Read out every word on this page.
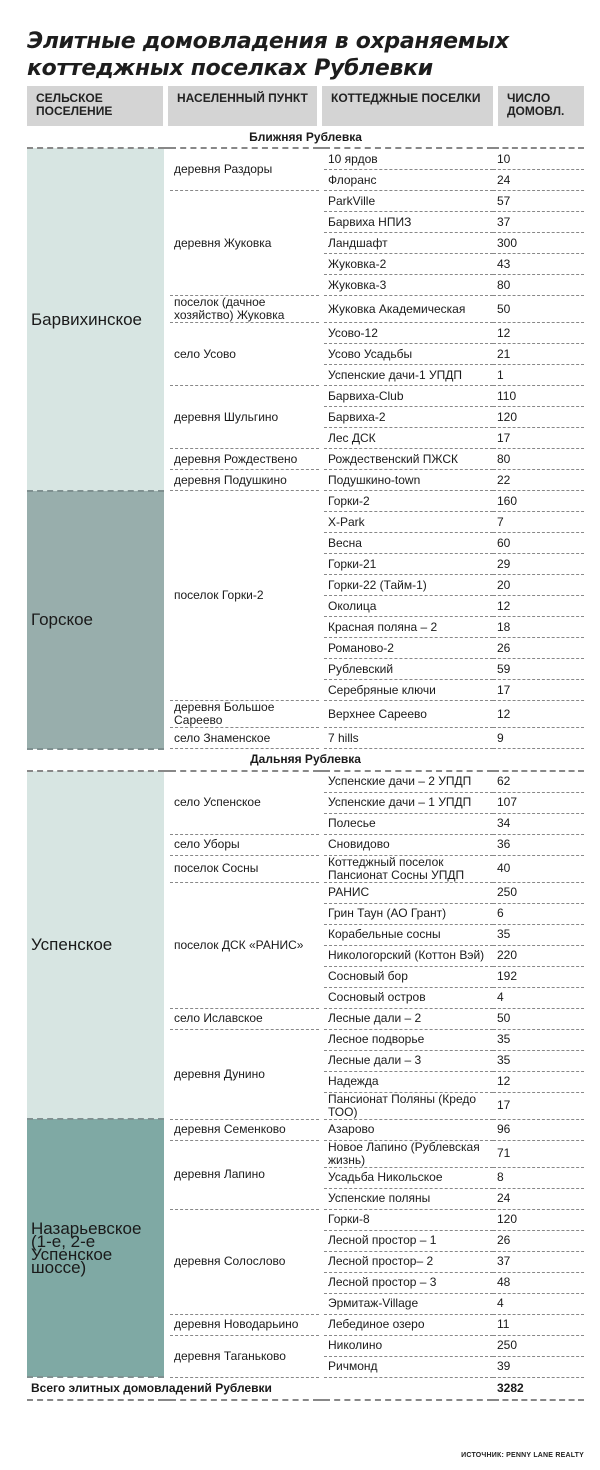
Элитные домовладения в охраняемых коттеджных поселках Рублевки
СЕЛЬСКОЕ ПОСЕЛЕНИЕ
НАСЕЛЕННЫЙ ПУНКТ	КОТТЕДЖНЫЕ ПОСЕЛКИ	ЧИСЛО ДОМОВЛ.
Ближняя Рублевка					
Барвихинское		деревня Раздоры		10 ярдов	10
				Флоранс	24
		деревня Жуковка		ParkVille	57
				Барвиха НПИЗ	37
				Ландшафт	300
				Жуковка-2	43
				Жуковка-3	80
		поселок (дачное хозяйство) Жуковка		Жуковка Академическая	50
		село Усово		Усово-12	12
				Усово Усадьбы	21
				Успенские дачи-1 УПДП	1
		деревня Шульгино		Барвиха-Club	110
				Барвиха-2	120
				Лес ДСК	17
		деревня Рождествено		Рождественский ПЖСК	80
		деревня Подушкино		Подушкино-town	22
Горское		поселок Горки-2		Горки-2	160
				X-Park	7
				Весна	60
				Горки-21	29
				Горки-22 (Тайм-1)	20
				Околица	12
				Красная поляна – 2	18
				Романово-2	26
				Рублевский	59
				Серебряные ключи	17
		деревня Большое Сареево		Верхнее Сареево	12
		село Знаменское		7 hills	9
Дальняя Рублевка					
Успенское		село Успенское		Успенские дачи – 2 УПДП	62
				Успенские дачи – 1 УПДП	107
				Полесье	34
		село Уборы		Сновидово	36
		поселок Сосны		Коттеджный поселок Пансионат Сосны УПДП	40
		поселок ДСК «РАНИС»		РАНИС	250
				Грин Таун (АО Грант)	6
				Корабельные сосны	35
				Никологорский (Коттон Вэй)	220
				Сосновый бор	192
				Сосновый остров	4
		село Иславское		Лесные дали – 2	50
		деревня Дунино		Лесное подворье	35
				Лесные дали – 3	35
				Надежда	12
				Пансионат Поляны (Кредо ТОО)	17
Назарьевское (1-е, 2-е Успенское шоссе)		деревня Семенково		Азарово	96
		деревня Лапино		Новое Лапино (Рублевская жизнь)	71
				Усадьба Никольское	8
				Успенские поляны	24
		деревня Солослово		Горки-8	120
				Лесной простор – 1	26
				Лесной простор– 2	37
				Лесной простор – 3	48
				Эрмитаж-Village	4
		деревня Новодарьино		Лебединое озеро	11
		деревня Таганьково		Николино	250
				Ричмонд	39
Всего элитных домовладений Рублевки					3282
ИСТОЧНИК: PENNY LANE REALTY
